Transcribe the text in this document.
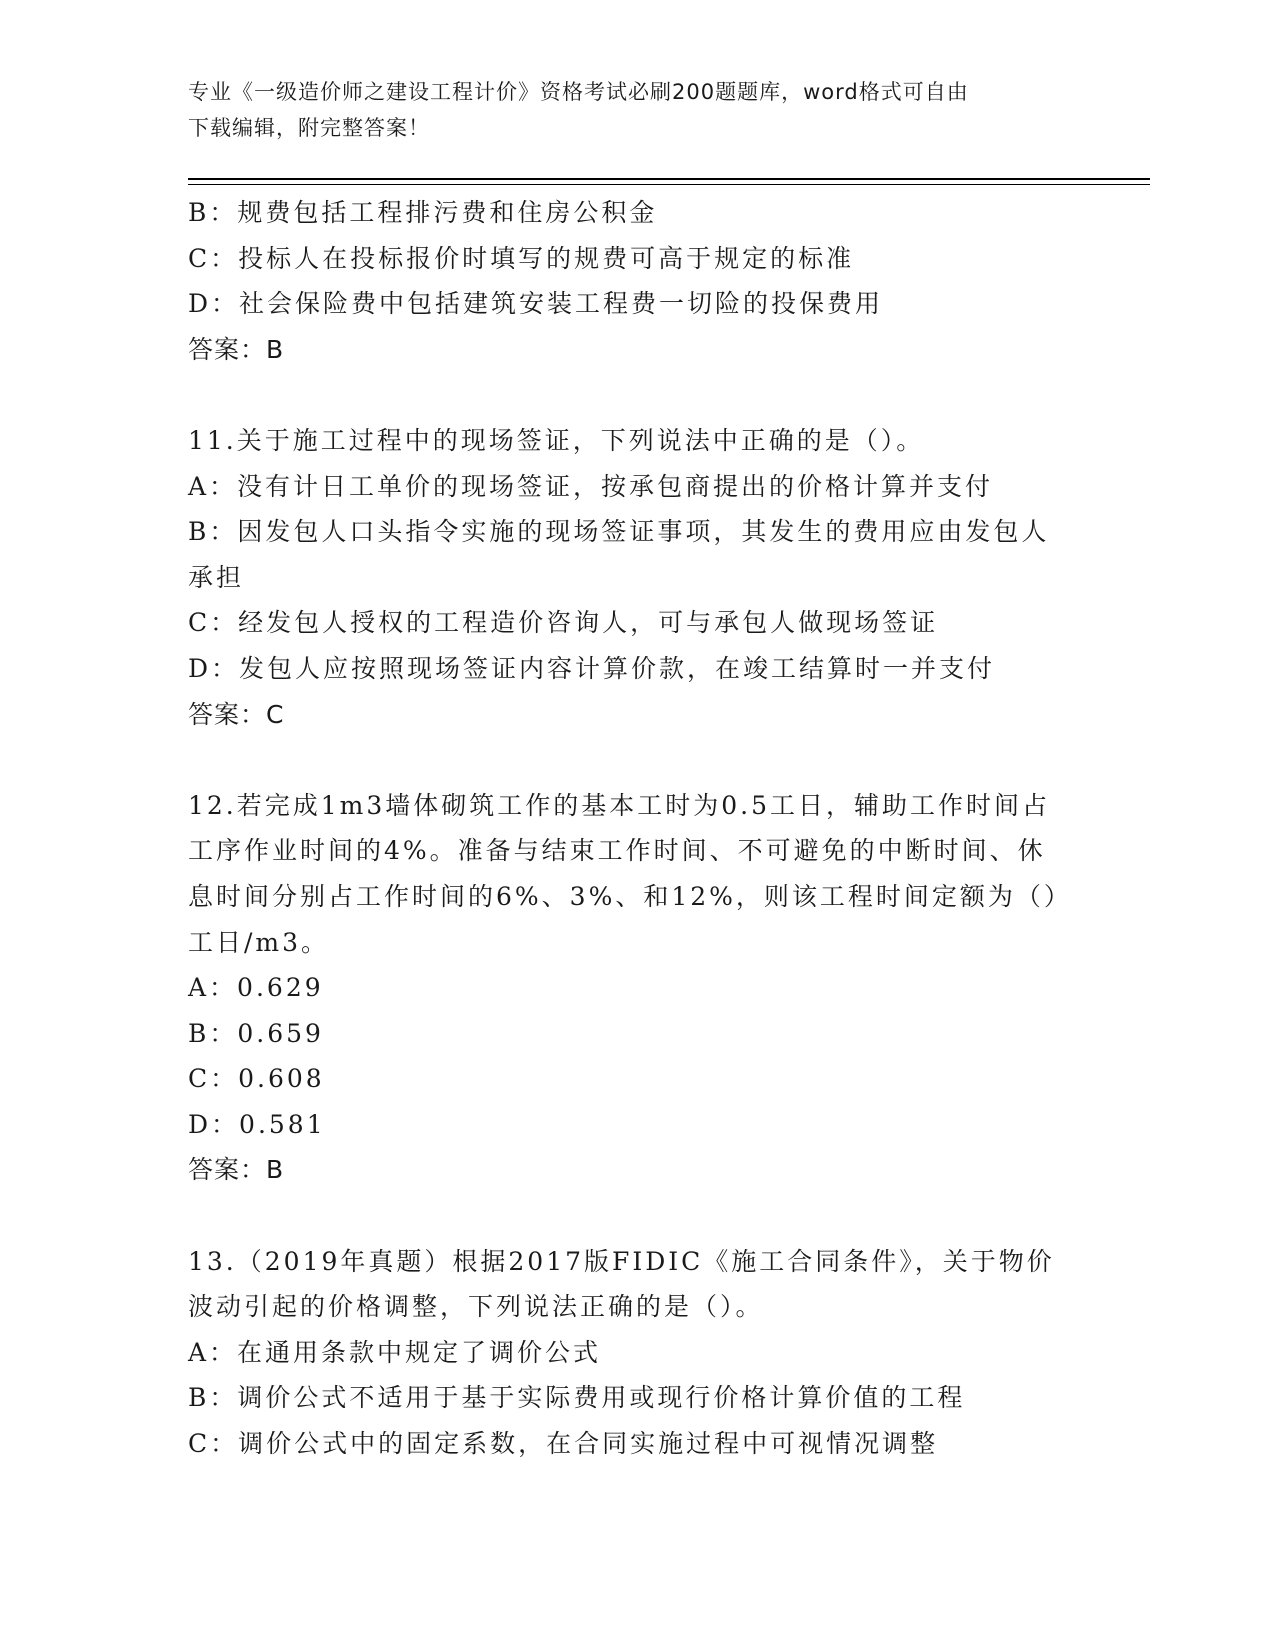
专业《一级造价师之建设工程计价》资格考试必刷200题题库，word格式可自由
下载编辑，附完整答案！
B：规费包括工程排污费和住房公积金
C：投标人在投标报价时填写的规费可高于规定的标准
D：社会保险费中包括建筑安装工程费一切险的投保费用
答案：B
11.关于施工过程中的现场签证，下列说法中正确的是（）。
A：没有计日工单价的现场签证，按承包商提出的价格计算并支付
B：因发包人口头指令实施的现场签证事项，其发生的费用应由发包人
承担
C：经发包人授权的工程造价咨询人，可与承包人做现场签证
D：发包人应按照现场签证内容计算价款，在竣工结算时一并支付
答案：C
12.若完成1m3墙体砌筑工作的基本工时为0.5工日，辅助工作时间占
工序作业时间的4%。准备与结束工作时间、不可避免的中断时间、休
息时间分别占工作时间的6%、3%、和12%，则该工程时间定额为（）
工日/m3。
A：0.629
B：0.659
C：0.608
D：0.581
答案：B
13.（2019年真题）根据2017版FIDIC《施工合同条件》，关于物价
波动引起的价格调整，下列说法正确的是（）。
A：在通用条款中规定了调价公式
B：调价公式不适用于基于实际费用或现行价格计算价值的工程
C：调价公式中的固定系数，在合同实施过程中可视情况调整
